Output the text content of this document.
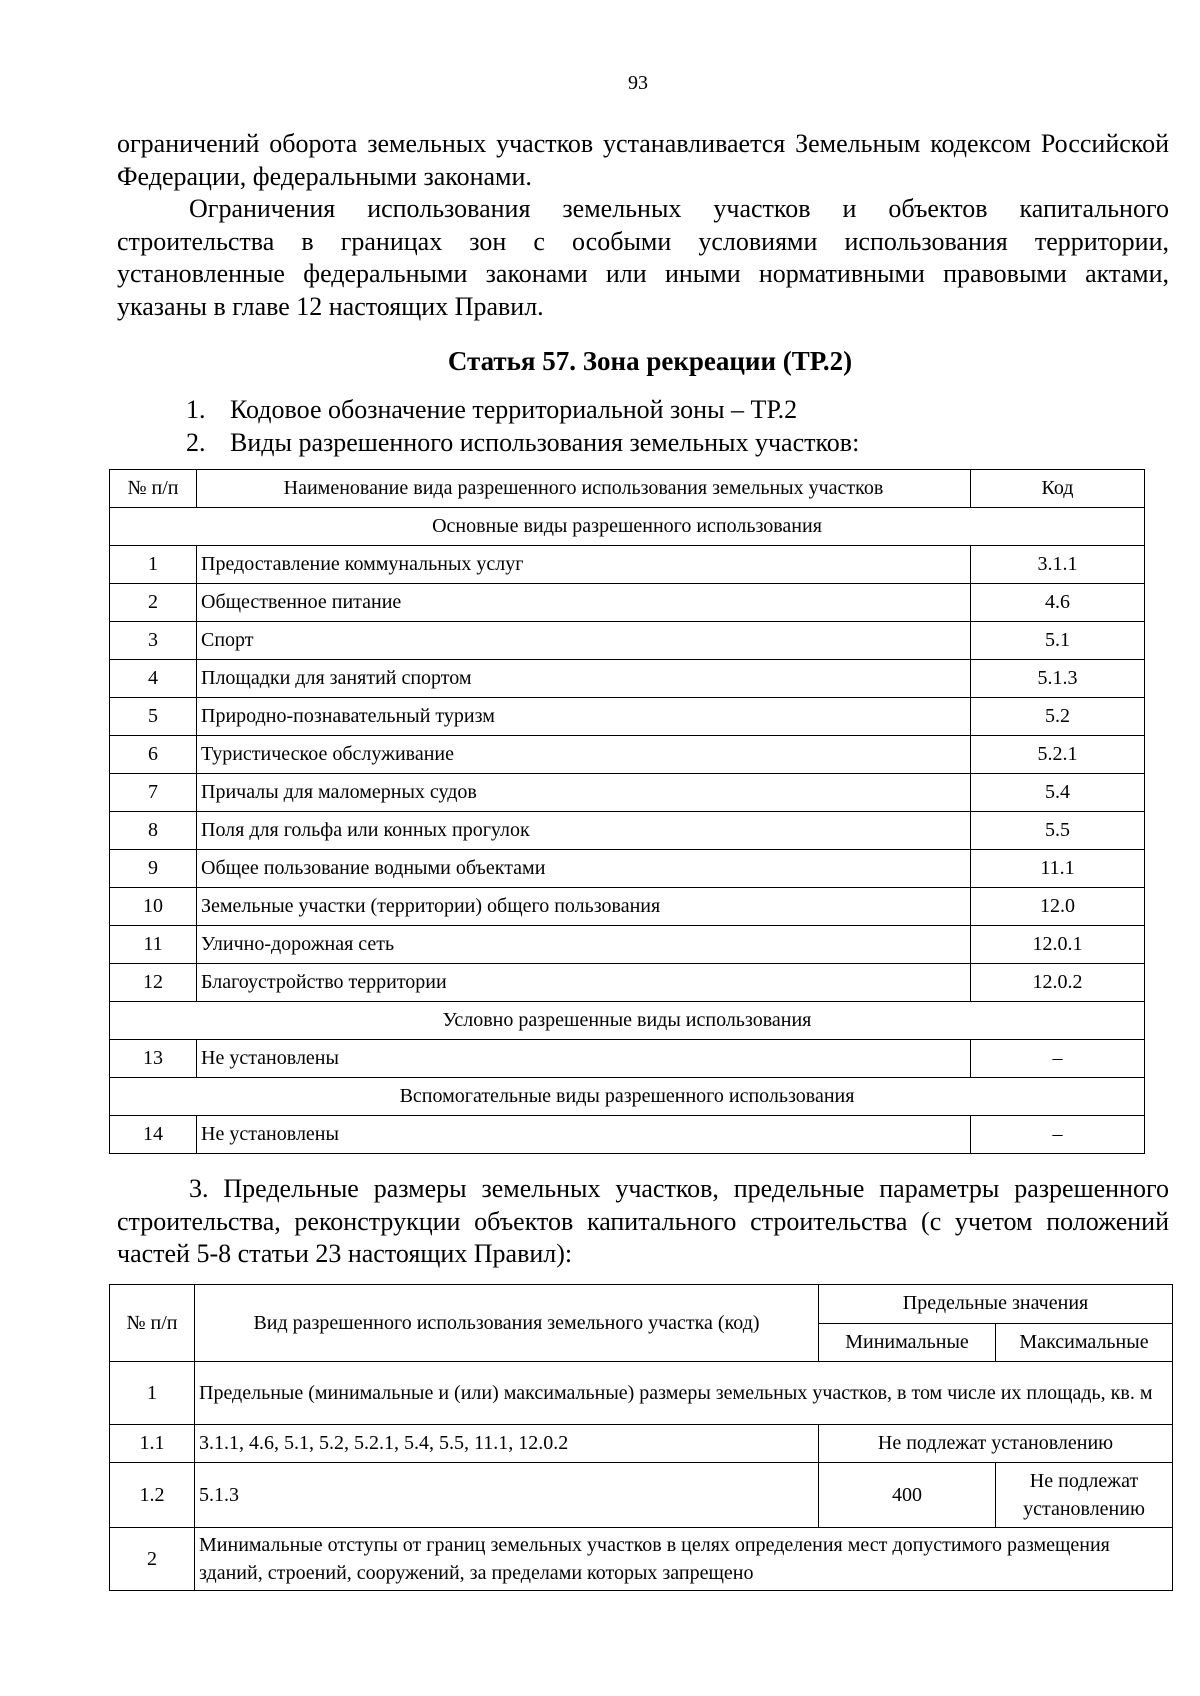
93
ограничений оборота земельных участков устанавливается Земельным кодексом Российской Федерации, федеральными законами.
Ограничения использования земельных участков и объектов капитального строительства в границах зон с особыми условиями использования территории, установленные федеральными законами или иными нормативными правовыми актами, указаны в главе 12 настоящих Правил.
Статья 57. Зона рекреации (ТР.2)
1. Кодовое обозначение территориальной зоны – ТР.2
2. Виды разрешенного использования земельных участков:
№ п/п	Наименование вида разрешенного использования земельных участков	Код
Основные виды разрешенного использования		
1	Предоставление коммунальных услуг	3.1.1
2	Общественное питание	4.6
3	Спорт	5.1
4	Площадки для занятий спортом	5.1.3
5	Природно-познавательный туризм	5.2
6	Туристическое обслуживание	5.2.1
7	Причалы для маломерных судов	5.4
8	Поля для гольфа или конных прогулок	5.5
9	Общее пользование водными объектами	11.1
10	Земельные участки (территории) общего пользования	12.0
11	Улично-дорожная сеть	12.0.1
12	Благоустройство территории	12.0.2
Условно разрешенные виды использования		
13	Не установлены	–
Вспомогательные виды разрешенного использования		
14	Не установлены	–
3. Предельные размеры земельных участков, предельные параметры разрешенного строительства, реконструкции объектов капитального строительства (с учетом положений частей 5-8 статьи 23 настоящих Правил):
№ п/п	Вид разрешенного использования земельного участка (код)	Предельные значения	
		Минимальные	Максимальные
1	Предельные (минимальные и (или) максимальные) размеры земельных участков, в том числе их площадь, кв. м		
1.1	3.1.1, 4.6, 5.1, 5.2, 5.2.1, 5.4, 5.5, 11.1, 12.0.2	Не подлежат установлению	
1.2	5.1.3	400	Не подлежат установлению
2	Минимальные отступы от границ земельных участков в целях определения мест допустимого размещения зданий, строений, сооружений, за пределами которых запрещено		
